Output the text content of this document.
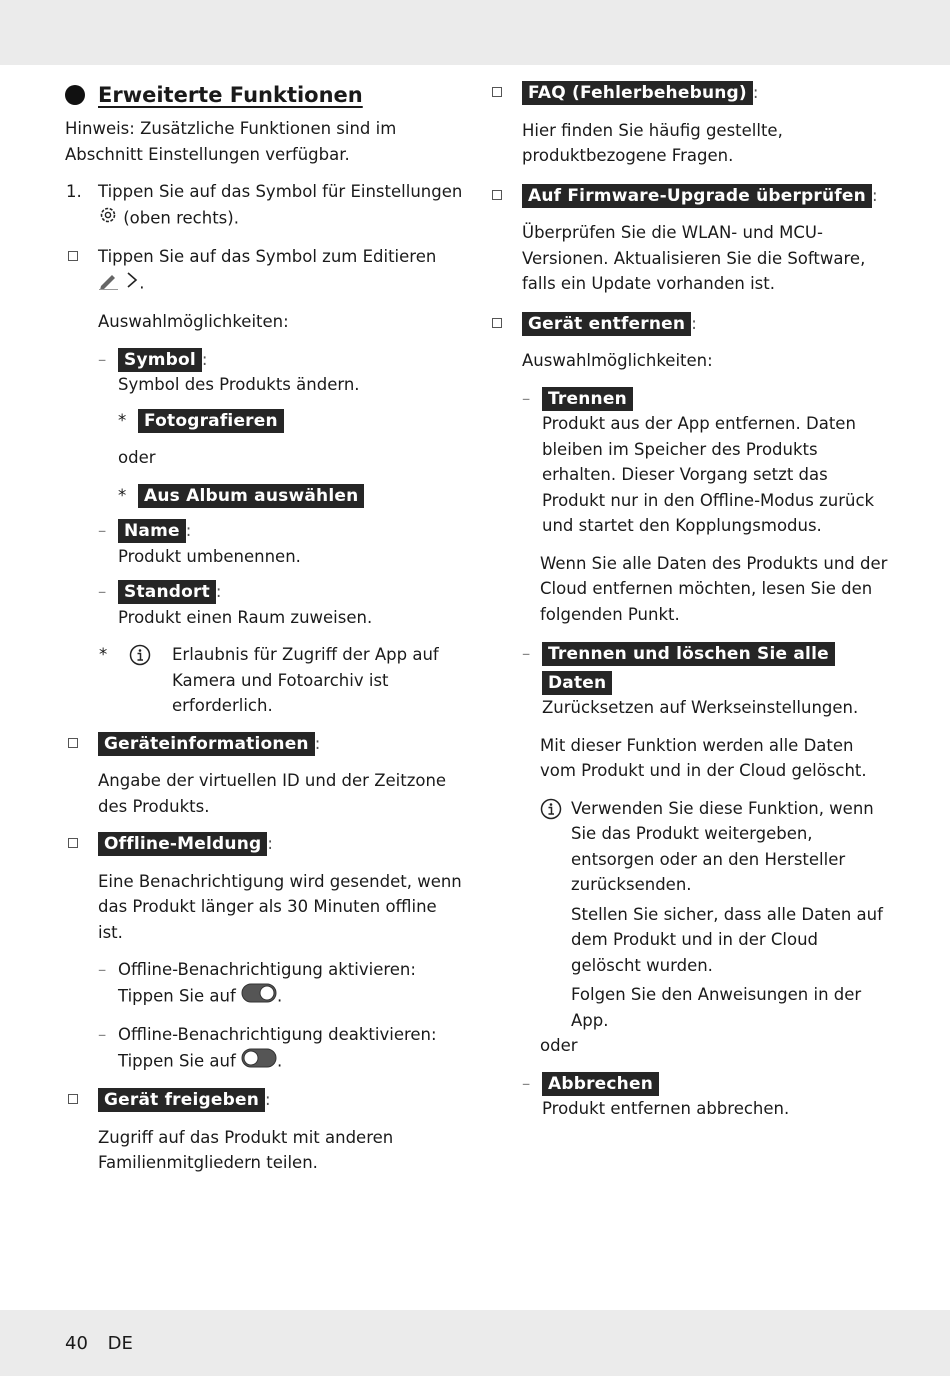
Erweiterte Funktionen

Hinweis: Zusätzliche Funktionen sind im Abschnitt Einstellungen verfügbar.

1. Tippen Sie auf das Symbol für Einstellungen
(oben rechts).
Tippen Sie auf das Symbol zum Editieren
.

Auswahlmöglichkeiten:

– Symbol :
Symbol des Produkts ändern.
* Fotografieren

oder

* Aus Album auswählen
– Name :
Produkt umbenennen.
– Standort :
Produkt einen Raum zuweisen.
*	Erlaubnis für Zugriff der App auf Kamera und Fotoarchiv ist erforderlich.
Geräteinformationen :

Angabe der virtuellen ID und der Zeitzone des Produkts.

Offline-Meldung :

Eine Benachrichtigung wird gesendet, wenn das Produkt länger als 30 Minuten offline ist.

– Offline-Benachrichtigung aktivieren:
Tippen Sie auf	.
– Offline-Benachrichtigung deaktivieren:
Tippen Sie auf	.
Gerät freigeben :

Zugriff auf das Produkt mit anderen Familienmitgliedern teilen.

FAQ (Fehlerbehebung) :

Hier finden Sie häufig gestellte, produktbezogene Fragen.

Auf Firmware-Upgrade überprüfen :

Überprüfen Sie die WLAN- und MCU-Versionen. Aktualisieren Sie die Software, falls ein Update vorhanden ist.

Gerät entfernen :

Auswahlmöglichkeiten:

– Trennen
Produkt aus der App entfernen. Daten bleiben im Speicher des Produkts erhalten. Dieser Vorgang setzt das Produkt nur in den Offline-Modus zurück und startet den Kopplungsmodus.

Wenn Sie alle Daten des Produkts und der Cloud entfernen möchten, lesen Sie den folgenden Punkt.

– Trennen und löschen Sie alle
Daten
Zurücksetzen auf Werkseinstellungen.

Mit dieser Funktion werden alle Daten vom Produkt und in der Cloud gelöscht.

Verwenden Sie diese Funktion, wenn Sie das Produkt weitergeben, entsorgen oder an den Hersteller zurücksenden.

Stellen Sie sicher, dass alle Daten auf dem Produkt und in der Cloud gelöscht wurden.

Folgen Sie den Anweisungen in der App.

oder

– Abbrechen
Produkt entfernen abbrechen.
40 DE
